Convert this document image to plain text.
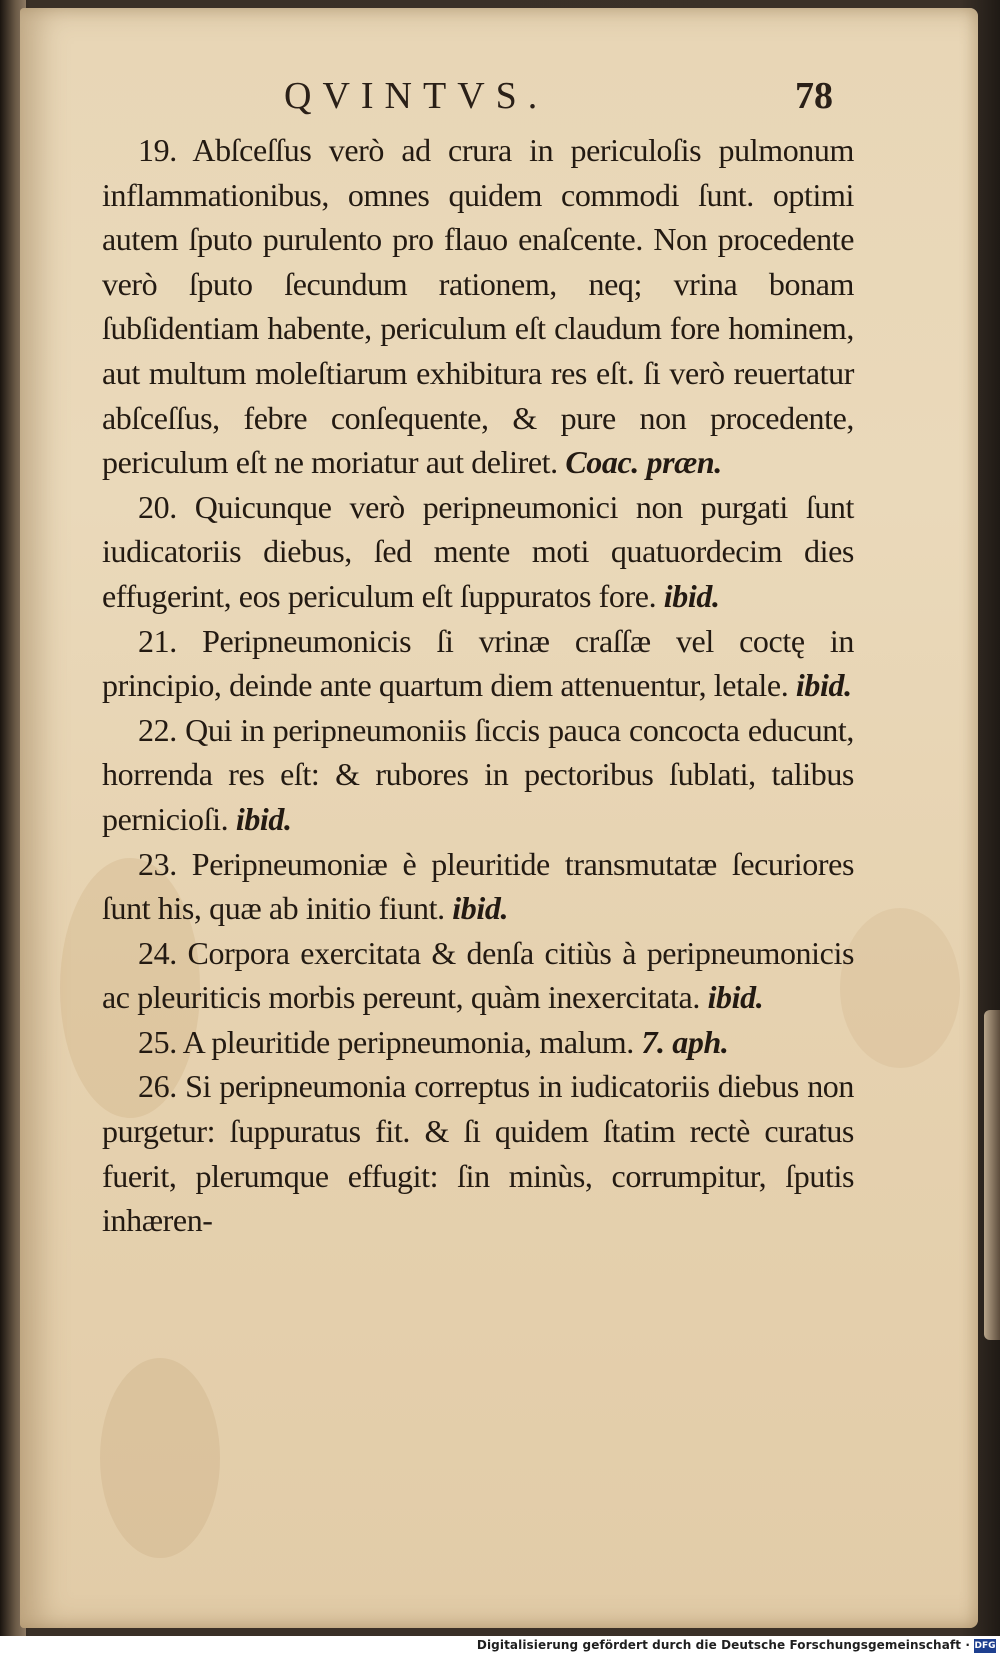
QVINTVS.	78

19. Abſceſſus verò ad crura in periculoſis pulmonum inflammationibus, omnes quidem commodi ſunt. optimi autem ſputo purulento pro flauo enaſcente. Non procedente verò ſputo ſecundum rationem, neq; vrina bonam ſubſidentiam habente, periculum eſt claudum fore hominem, aut multum moleſtiarum exhibitura res eſt. ſi verò reuertatur abſceſſus, febre conſequente, & pure non procedente, periculum eſt ne moriatur aut deliret. Coac. præn.

20. Quicunque verò peripneumonici non purgati ſunt iudicatoriis diebus, ſed mente moti quatuordecim dies effugerint, eos periculum eſt ſuppuratos fore. ibid.

21. Peripneumonicis ſi vrinæ craſſæ vel coctę in principio, deinde ante quartum diem attenuentur, letale. ibid.

22. Qui in peripneumoniis ſiccis pauca concocta educunt, horrenda res eſt: & rubores in pectoribus ſublati, talibus pernicioſi. ibid.

23. Peripneumoniæ è pleuritide transmutatæ ſecuriores ſunt his, quæ ab initio fiunt. ibid.

24. Corpora exercitata & denſa citiùs à peripneumonicis ac pleuriticis morbis pereunt, quàm inexercitata. ibid.

25. A pleuritide peripneumonia, malum. 7. aph.

26. Si peripneumonia correptus in iudicatoriis diebus non purgetur: ſuppuratus fit. & ſi quidem ſtatim rectè curatus fuerit, plerumque effugit: ſin minùs, corrumpitur, ſputis inhæren-

Digitalisierung gefördert durch die Deutsche Forschungsgemeinschaft · DFG
